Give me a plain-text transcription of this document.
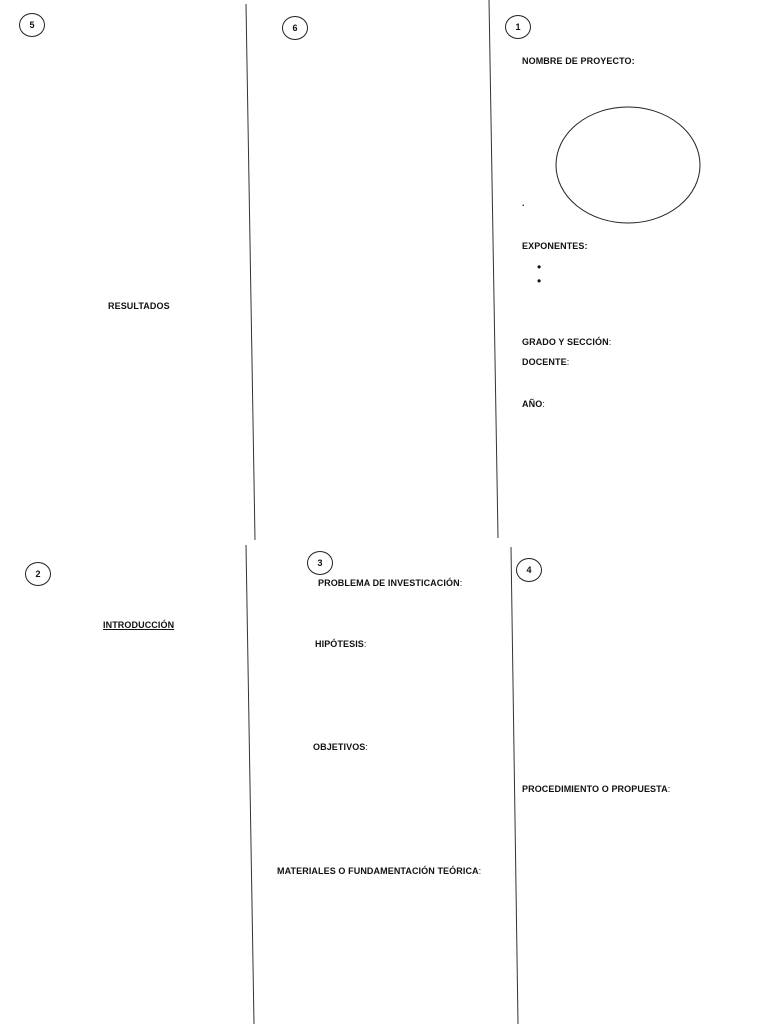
5
RESULTADOS
6	1
NOMBRE DE PROYECTO:
.
EXPONENTES:
•
•
GRADO Y SECCIÓN:
DOCENTE:
AÑO:
2
INTRODUCCIÓN
3
PROBLEMA DE INVESTICACIÓN:
HIPÓTESIS:
OBJETIVOS:
MATERIALES O FUNDAMENTACIÓN TEÓRICA:
4
PROCEDIMIENTO O PROPUESTA:
